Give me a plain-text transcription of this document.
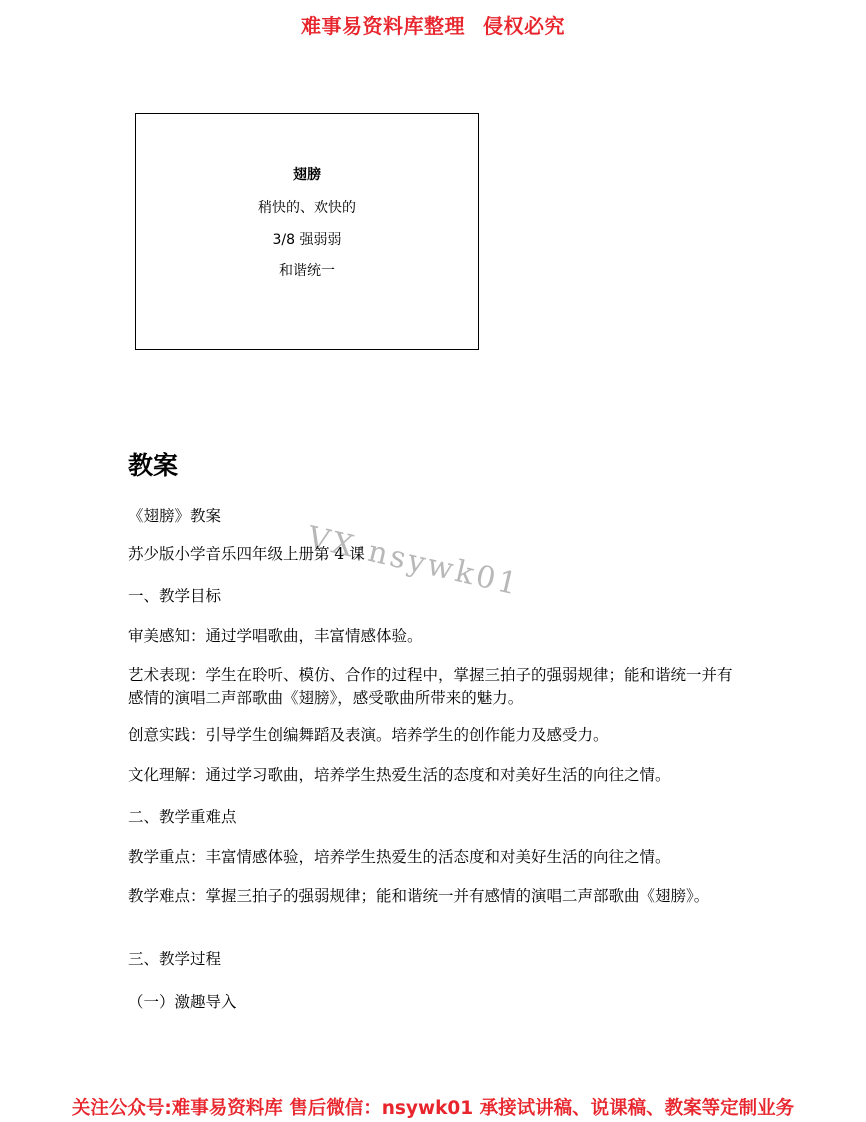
难事易资料库整理 侵权必究
翅膀
稍快的、欢快的
3/8 强弱弱
和谐统一
教案
VX:nsywk01
《翅膀》教案
苏少版小学音乐四年级上册第 4 课
一、教学目标
审美感知：通过学唱歌曲，丰富情感体验。
艺术表现：学生在聆听、模仿、合作的过程中，掌握三拍子的强弱规律；能和谐统一并有感情的演唱二声部歌曲《翅膀》，感受歌曲所带来的魅力。
创意实践：引导学生创编舞蹈及表演。培养学生的创作能力及感受力。
文化理解：通过学习歌曲，培养学生热爱生活的态度和对美好生活的向往之情。
二、教学重难点
教学重点：丰富情感体验，培养学生热爱生的活态度和对美好生活的向往之情。
教学难点：掌握三拍子的强弱规律；能和谐统一并有感情的演唱二声部歌曲《翅膀》。
三、教学过程
（一）激趣导入
关注公众号:难事易资料库 售后微信：nsywk01 承接试讲稿、说课稿、教案等定制业务
